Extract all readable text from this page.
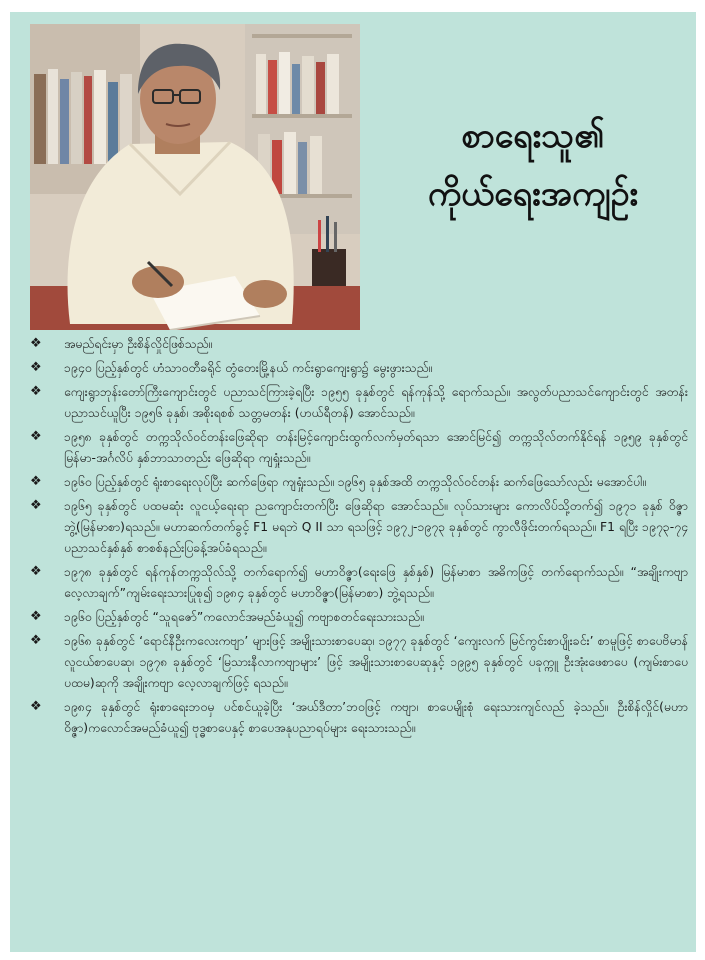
စာရေးသူ၏
ကိုယ်ရေးအကျဉ်း
❖ အမည်ရင်းမှာ ဦးစိန်လှိုင်ဖြစ်သည်။
❖ ၁၉၄၀ ပြည့်နှစ်တွင် ဟံသာဝတီခရိုင် တွံတေးမြို့နယ် ကင်းရွာကျေးရွာ၌ မွေးဖွားသည်။
❖ ကျေးရွာဘုန်းတော်ကြီးကျောင်းတွင် ပညာသင်ကြားခဲ့ရပြီး ၁၉၅၅ ခုနှစ်တွင် ရန်ကုန်သို့ ရောက်သည်။ အလွတ်ပညာသင်ကျောင်းတွင် အတန်းပညာသင်ယူပြီး ၁၉၅၆ ခုနှစ်၊ အစိုးရစစ် သတ္တမတန်း (ဟယ်ရီတန်) အောင်သည်။
❖ ၁၉၅၈ ခုနှစ်တွင် တက္ကသိုလ်ဝင်တန်းဖြေဆိုရာ တန်းမြင့်ကျောင်းထွက်လက်မှတ်ရသာ အောင်မြင်၍ တက္ကသိုလ်တက်နိုင်ရန် ၁၉၅၉ ခုနှစ်တွင် မြန်မာ-အင်္ဂလိပ် နှစ်ဘာသာတည်း ဖြေဆိုရာ ကျရှုံးသည်။
❖ ၁၉၆၀ ပြည့်နှစ်တွင် ရုံးစာရေးလုပ်ပြီး ဆက်ဖြေရာ ကျရှုံးသည်။ ၁၉၆၅ ခုနှစ်အထိ တက္ကသိုလ်ဝင်တန်း ဆက်ဖြေသော်လည်း မအောင်ပါ။
❖ ၁၉၆၅ ခုနှစ်တွင် ပထမဆုံး လူငယ့်ရေးရာ ညကျောင်းတက်ပြီး ဖြေဆိုရာ အောင်သည်။ လုပ်သားများ ကောလိပ်သို့တက်၍ ၁၉၇၁ ခုနှစ် ဝိဇ္ဇာဘွဲ့(မြန်မာစာ)ရသည်။ မဟာဆက်တက်ခွင့် F1 မရဘဲ Q II သာ ရသဖြင့် ၁၉၇၂-၁၉၇၃ ခုနှစ်တွင် ကွာလီဖိုင်းတက်ရသည်။ F1 ရပြီး ၁၉၇၃-၇၄ ပညာသင်နှစ်နှစ် စာစစ်နည်းပြခန့်အပ်ခံရသည်။
❖ ၁၉၇၈ ခုနှစ်တွင် ရန်ကုန်တက္ကသိုလ်သို့ တက်ရောက်၍ မဟာဝိဇ္ဇာ(ရေးဖြေ နှစ်နှစ်) မြန်မာစာ အဓိကဖြင့် တက်ရောက်သည်။ “အချိုးကဗျာလေ့လာချက်”ကျမ်းရေးသားပြုစု၍ ၁၉၈၄ ခုနှစ်တွင် မဟာဝိဇ္ဇာ(မြန်မာစာ) ဘွဲ့ရသည်။
❖ ၁၉၆၀ ပြည့်နှစ်တွင် “သူရဇော်”ကလောင်အမည်ခံယူ၍ ကဗျာစတင်ရေးသားသည်။
❖ ၁၉၆၈ ခုနှစ်တွင် ‘ရောင်နီဦးကလေးကဗျာ’ များဖြင့် အမျိုးသားစာပေဆု၊ ၁၉၇၇ ခုနှစ်တွင် ‘ကျေးလက် မြင်ကွင်းစာပျိုးခင်း’ စာမူဖြင့် စာပေဗိမာန်လူငယ်စာပေဆု၊ ၁၉၇၈ ခုနှစ်တွင် ‘မြသားနီလာကဗျာများ’ ဖြင့် အမျိုးသားစာပေဆုနှင့် ၁၉၉၅ ခုနှစ်တွင် ပခုက္ကူ ဦးအုံးဖေစာပေ (ကျမ်းစာပေပထမ)ဆုကို အချိုးကဗျာ လေ့လာချက်ဖြင့် ရသည်။
❖ ၁၉၈၄ ခုနှစ်တွင် ရုံးစာရေးဘဝမှ ပင်စင်ယူခဲ့ပြီး ‘အယ်ဒီတာ’ဘဝဖြင့် ကဗျာ၊ စာပေမျိုးစုံ ရေးသားကျင်လည် ခဲ့သည်။ ဦးစိန်လှိုင်(မဟာဝိဇ္ဇာ)ကလောင်အမည်ခံယူ၍ ဗုဒ္ဓစာပေနှင့် စာပေအနုပညာရပ်များ ရေးသားသည်။
